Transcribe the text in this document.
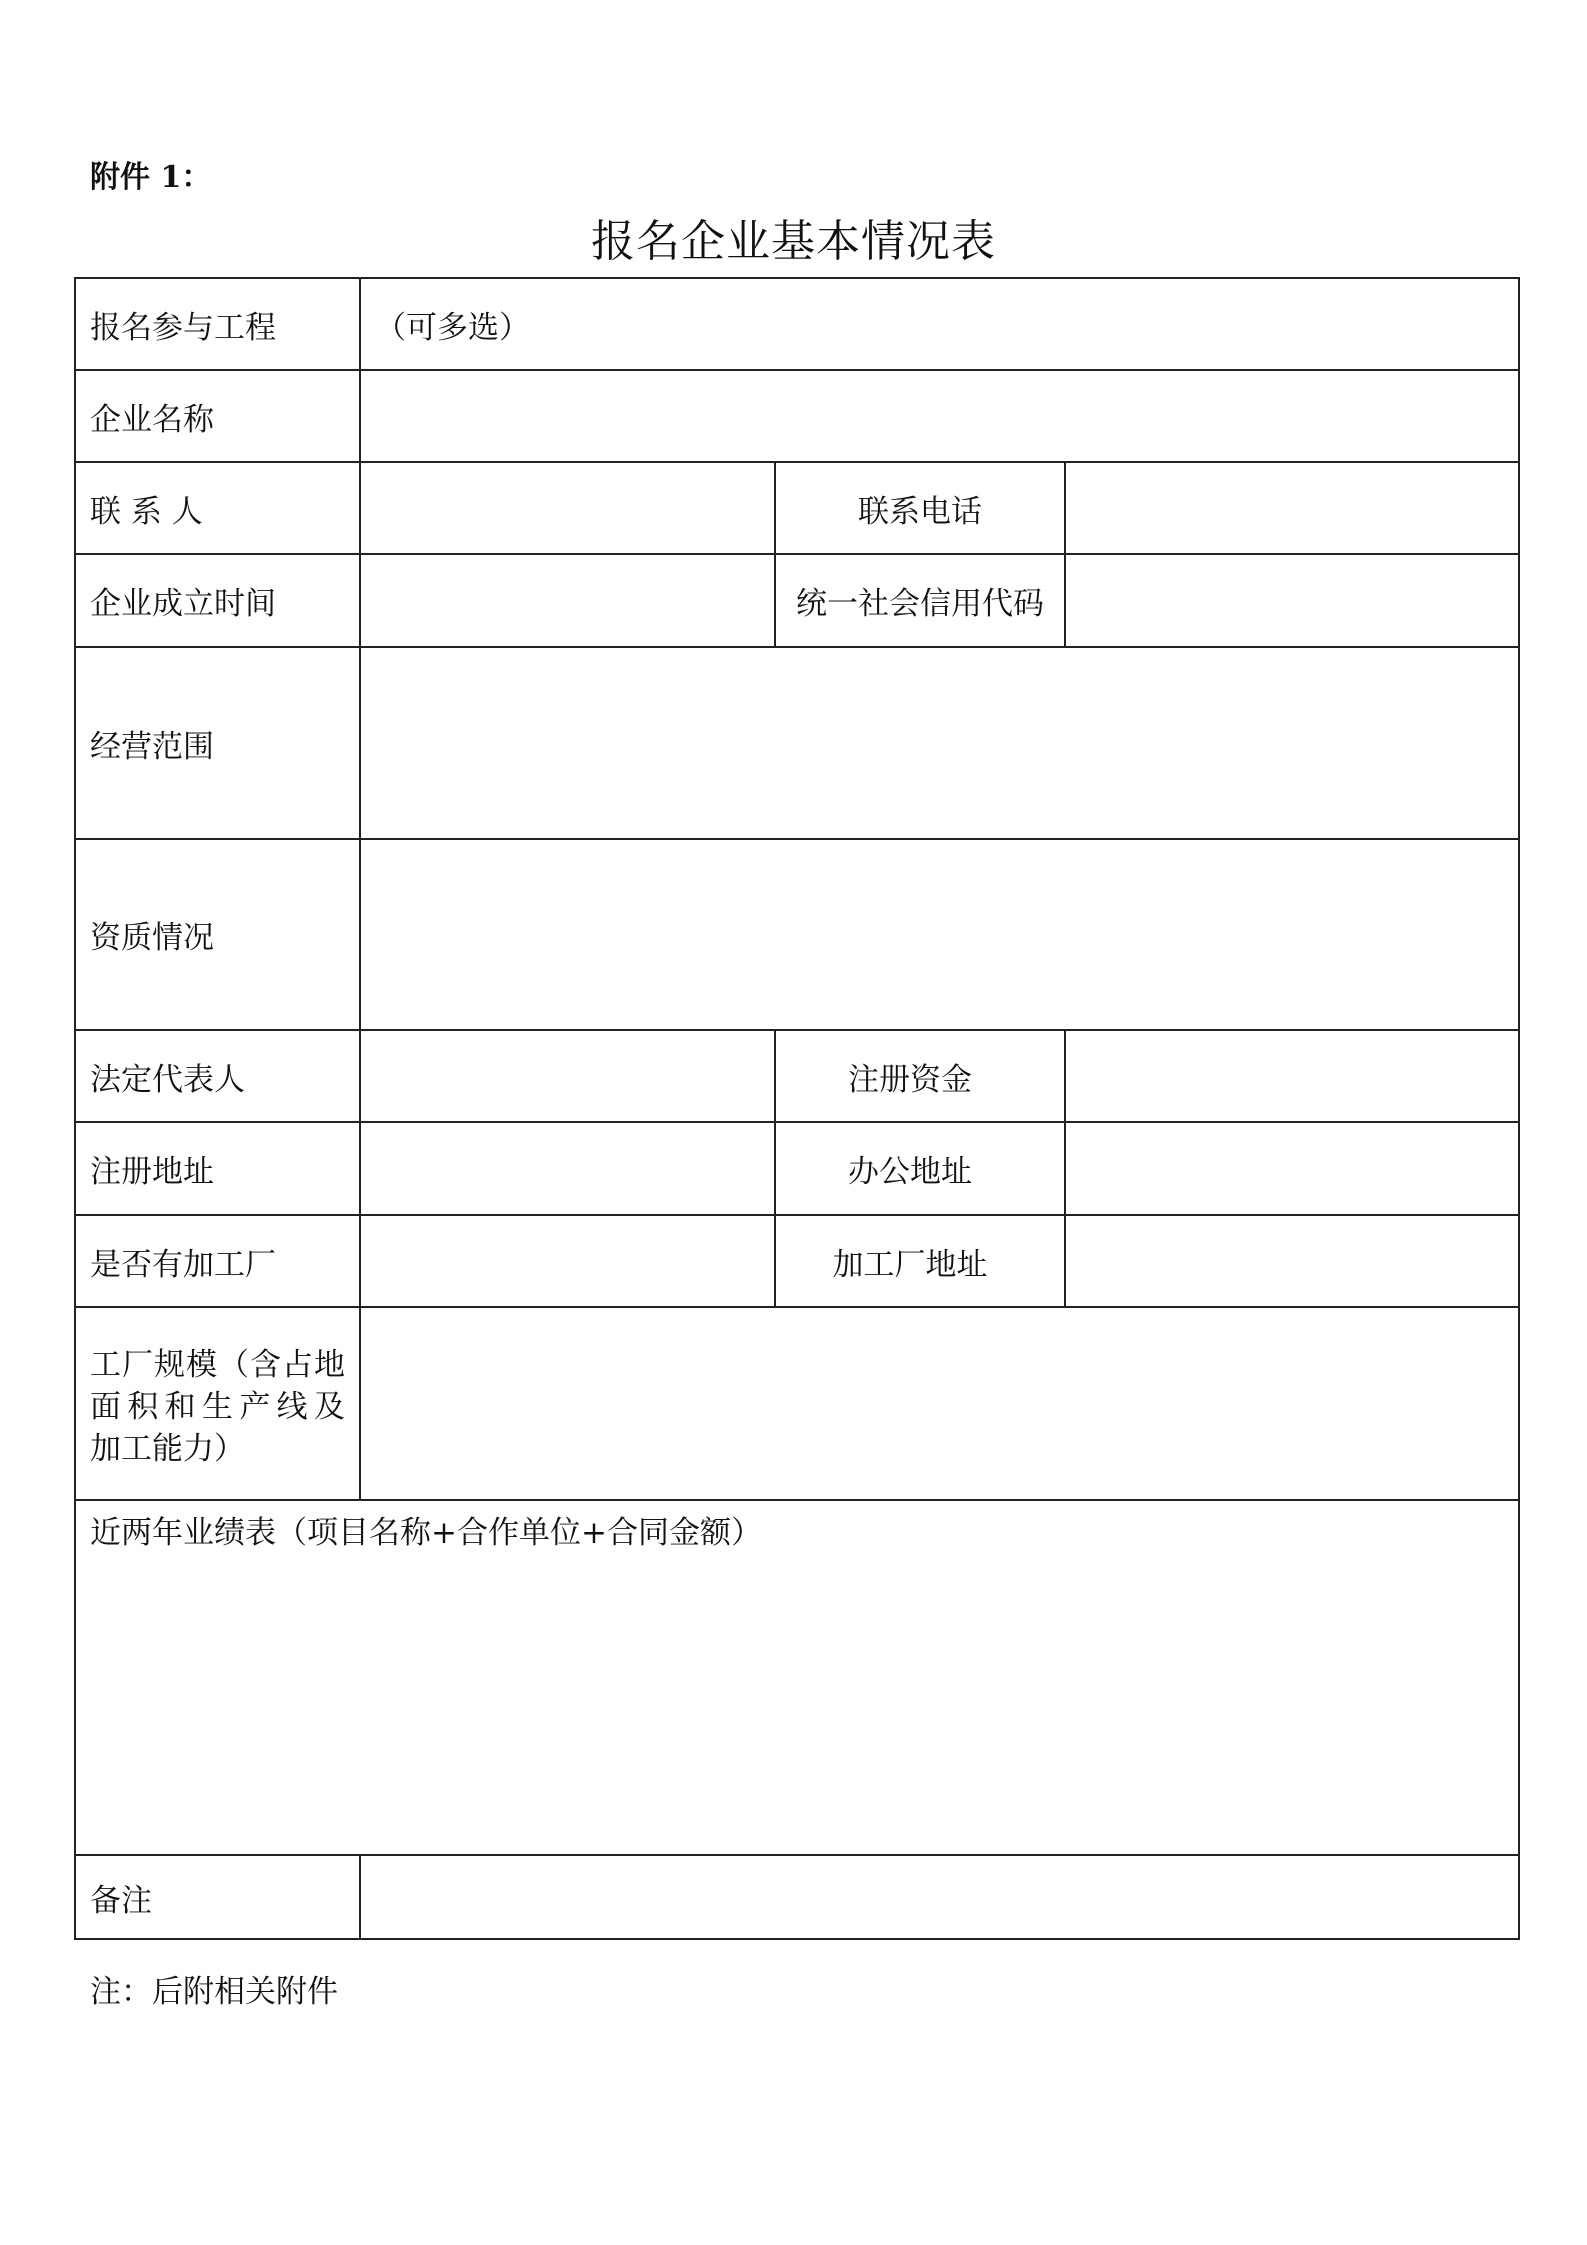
附件 1：
报名企业基本情况表
报名参与工程	（可多选）		
企业名称			
联 系 人		联系电话	
企业成立时间		统一社会信用代码	
经营范围			
资质情况			
法定代表人		注册资金	
注册地址		办公地址	
是否有加工厂		加工厂地址	

工厂规模（含占地
面积和生产线及
加工能力）			

近两年业绩表（项目名称+合作单位+合同金额）			
备注			
注：后附相关附件
